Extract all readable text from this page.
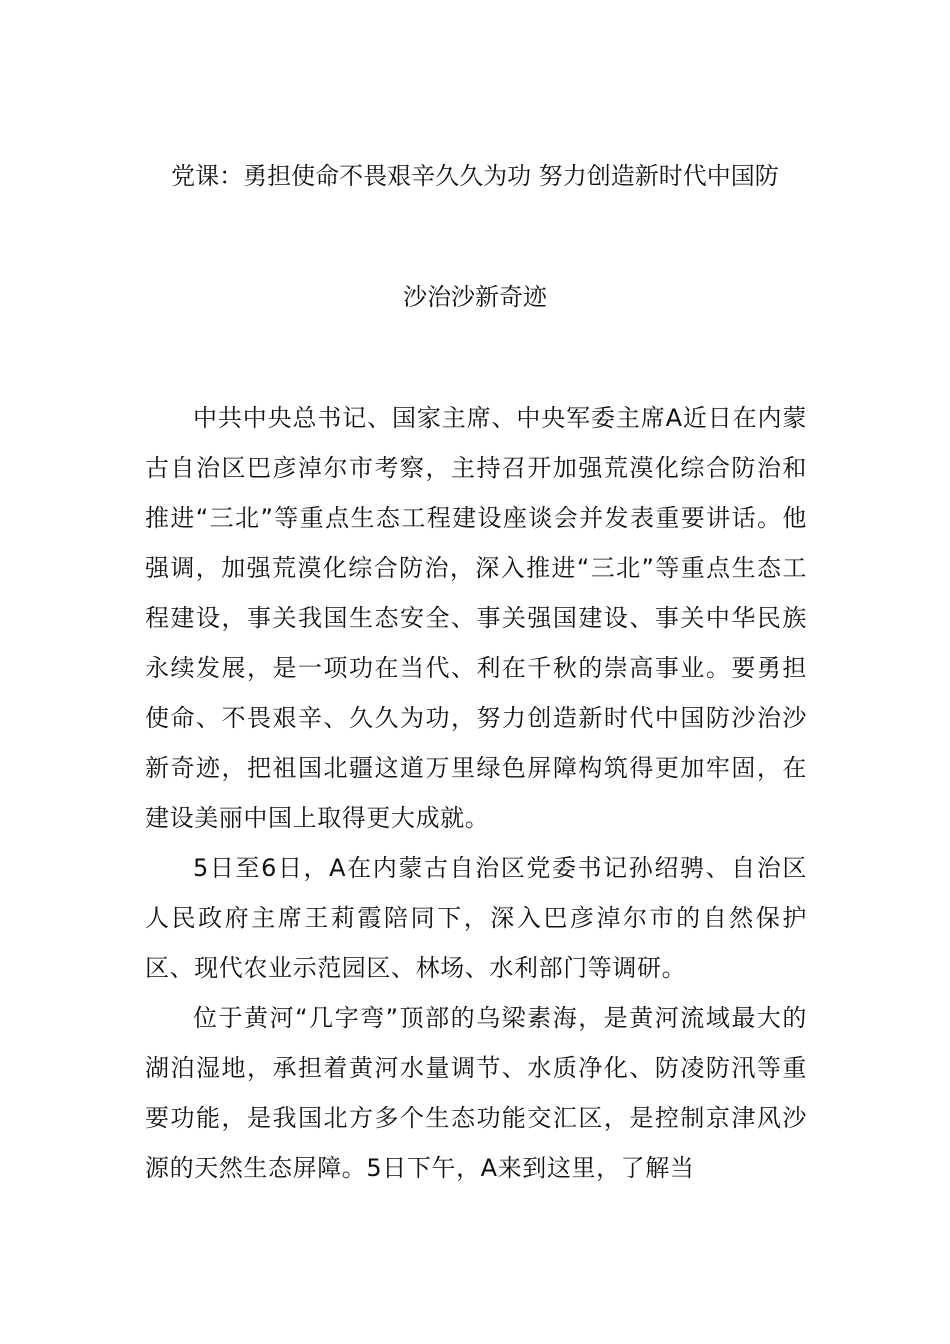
党课：勇担使命不畏艰辛久久为功 努力创造新时代中国防
沙治沙新奇迹

中共中央总书记、国家主席、中央军委主席A近日在内蒙古自治区巴彦淖尔市考察，主持召开加强荒漠化综合防治和推进“三北”等重点生态工程建设座谈会并发表重要讲话。他强调，加强荒漠化综合防治，深入推进“三北”等重点生态工程建设，事关我国生态安全、事关强国建设、事关中华民族永续发展，是一项功在当代、利在千秋的崇高事业。要勇担使命、不畏艰辛、久久为功，努力创造新时代中国防沙治沙新奇迹，把祖国北疆这道万里绿色屏障构筑得更加牢固，在建设美丽中国上取得更大成就。

5日至6日，A在内蒙古自治区党委书记孙绍骋、自治区人民政府主席王莉霞陪同下，深入巴彦淖尔市的自然保护区、现代农业示范园区、林场、水利部门等调研。

位于黄河“几字弯”顶部的乌梁素海，是黄河流域最大的湖泊湿地，承担着黄河水量调节、水质净化、防凌防汛等重要功能，是我国北方多个生态功能交汇区，是控制京津风沙源的天然生态屏障。5日下午，A来到这里，了解当
